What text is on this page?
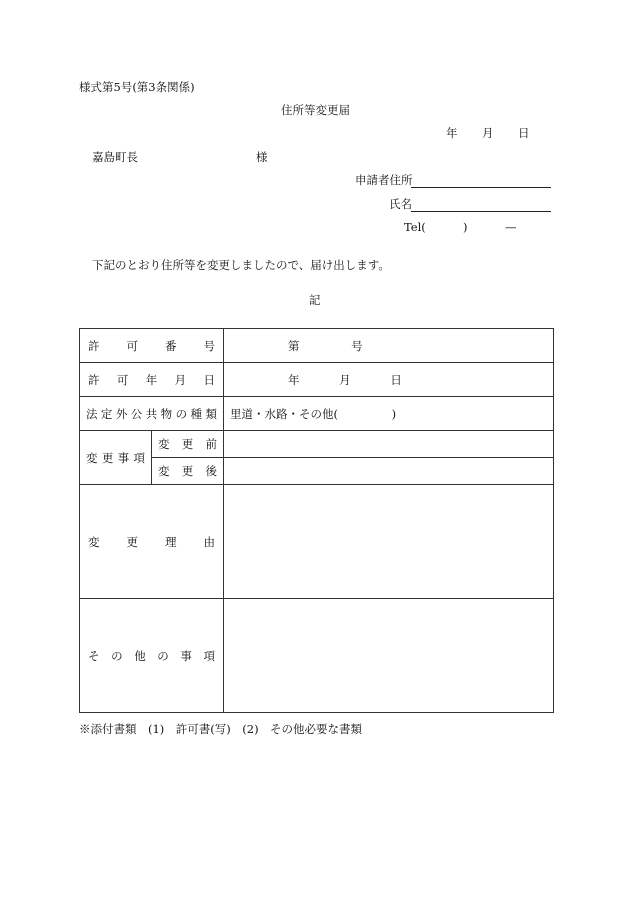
様式第5号(第3条関係)
住所等変更届
年 月 日
嘉島町長	様
申請者住所
氏名
Tel(	)	—
下記のとおり住所等を変更しましたので、届け出します。
記
許可番号		第 号
許可年月日		年 月 日
法定外公共物の種類		里道・水路・その他( )
変更事項	変更前	
	変更後	
変更理由		
その他の事項		
※添付書類　(1)　許可書(写)　(2)　その他必要な書類
